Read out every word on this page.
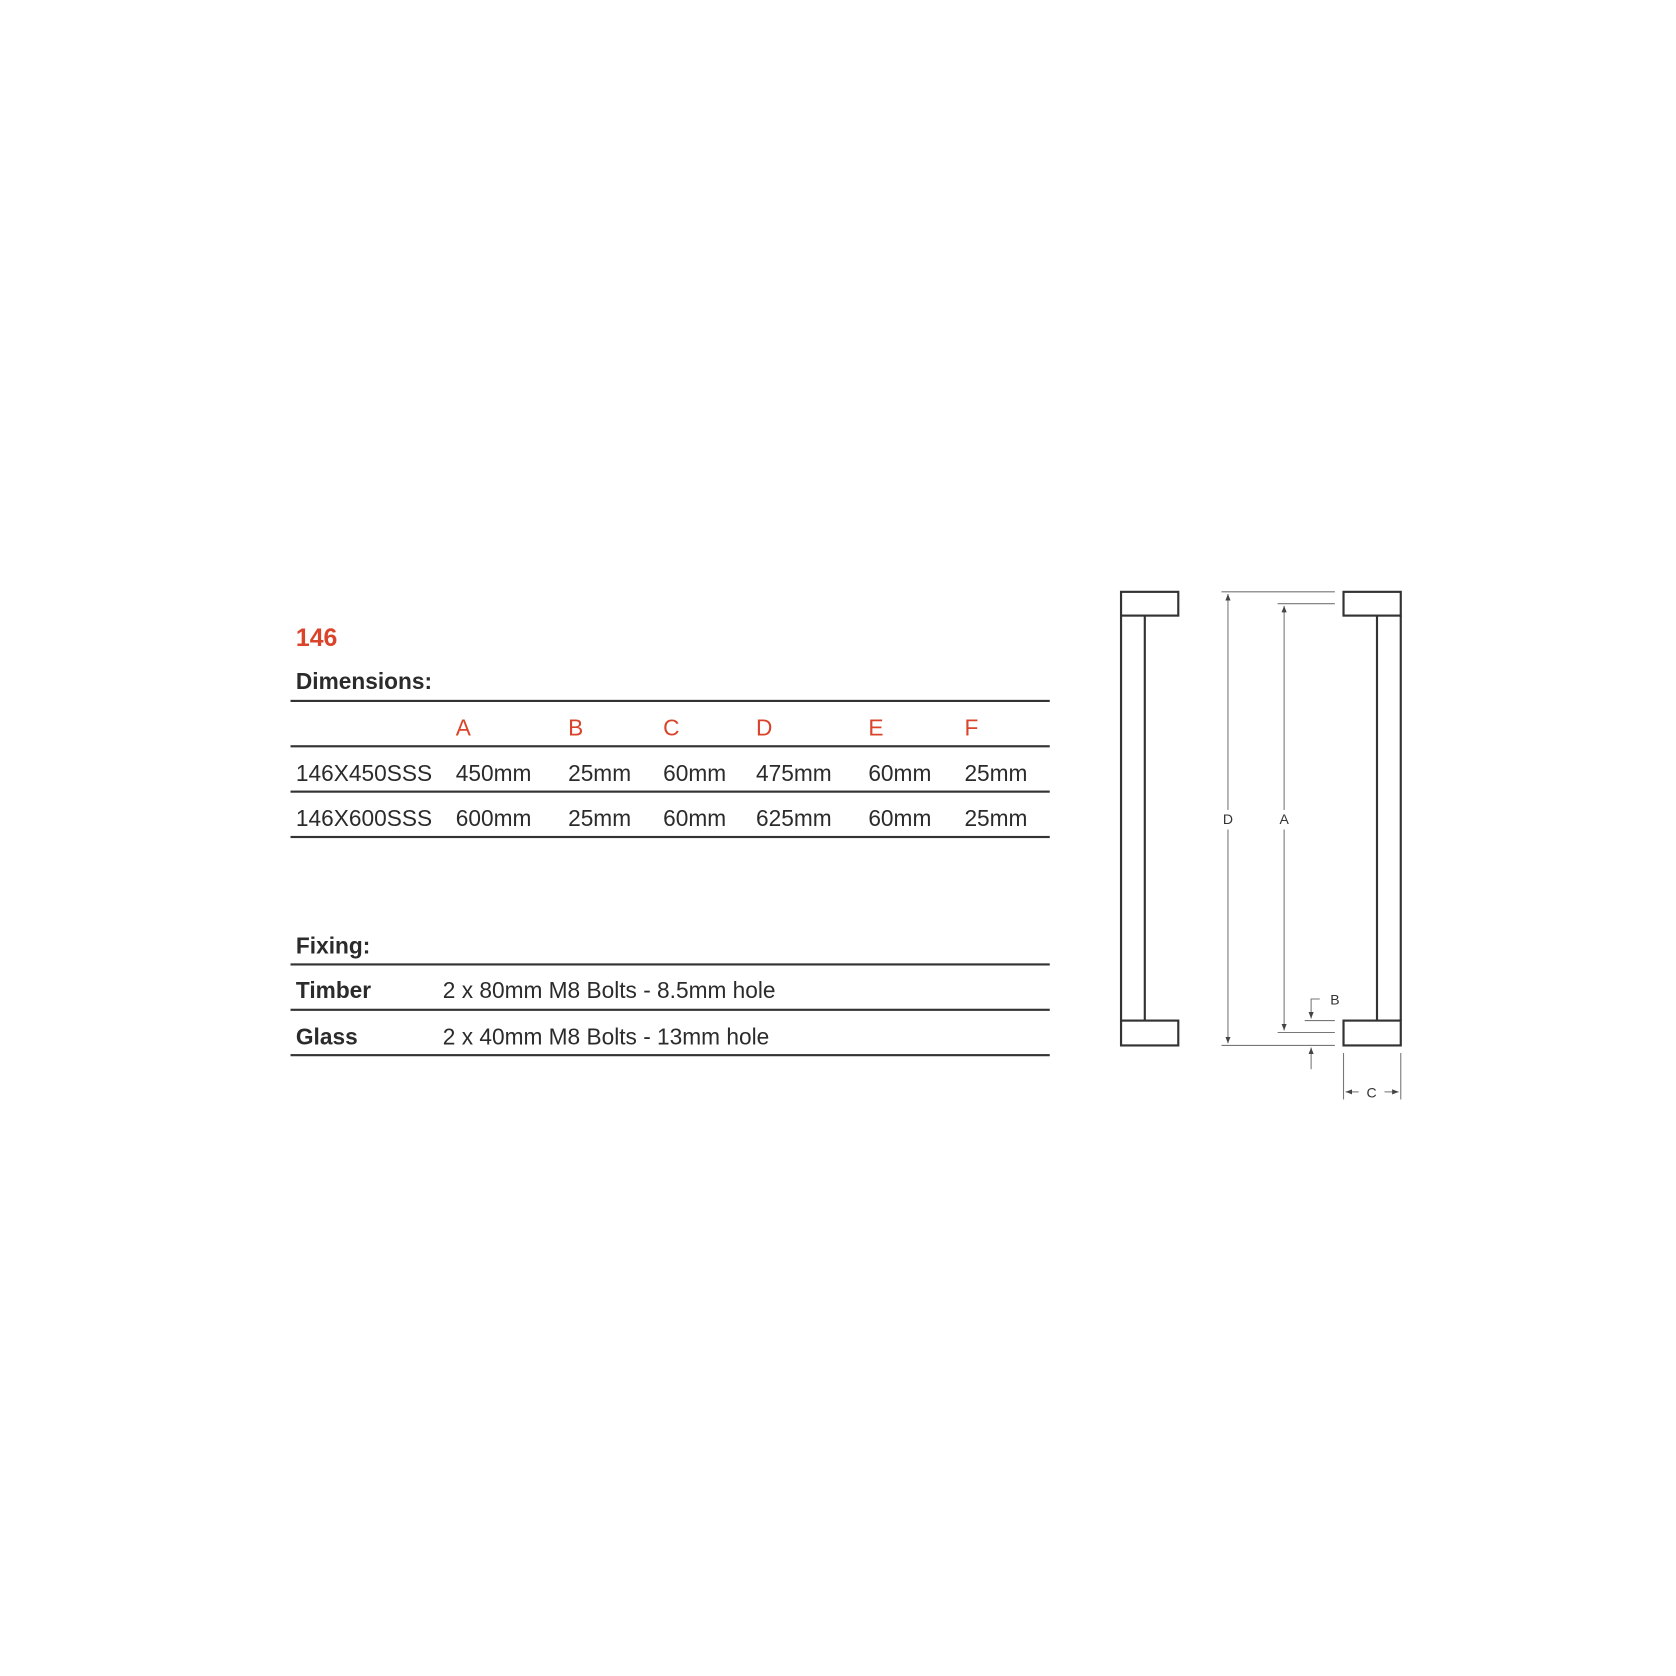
146
Dimensions:
A	B	C	D	E	F
146X450SSS 450mm 25mm 60mm 475mm 60mm 25mm
146X600SSS 600mm 25mm 60mm 625mm 60mm 25mm
Fixing:
Timber	2 x 80mm M8 Bolts - 8.5mm hole
Glass	2 x 40mm M8 Bolts - 13mm hole
D	A
B
C
